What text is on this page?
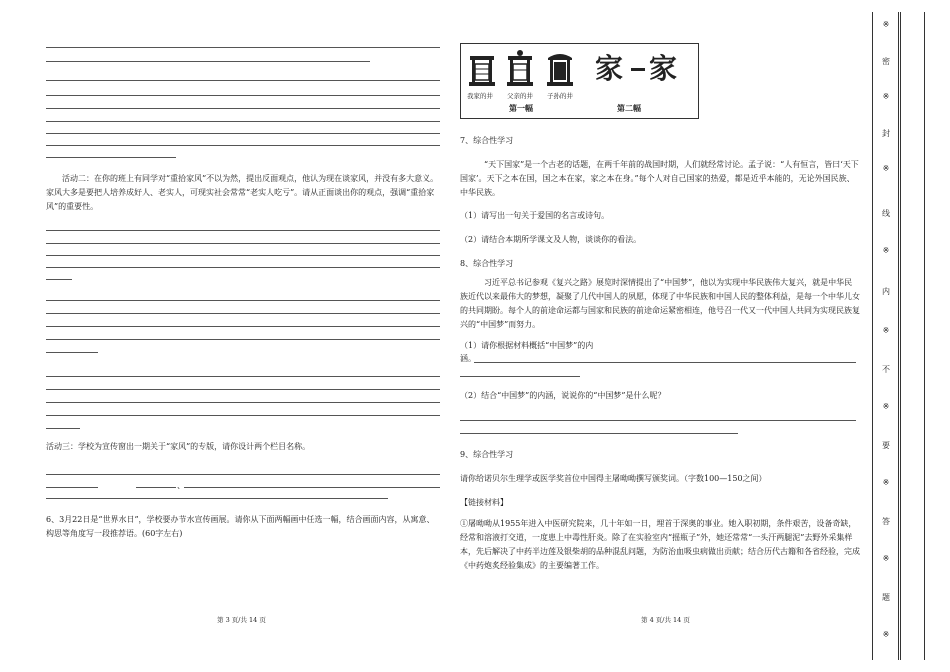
活动二：在你的班上有同学对“重拾家风”不以为然，提出反面观点，他认为现在谈家风，并没有多大意义。家风大多是要把人培养成好人、老实人，可现实社会常常“老实人吃亏”。请从正面谈出你的观点，强调“重拾家风”的重要性。
活动三：学校为宣传窗出一期关于“家风”的专版，请你设计两个栏目名称。
、
6、3月22日是“世界水日”，学校要办节水宣传画展。请你从下面两幅画中任选一幅，结合画面内容，从寓意、构思等角度写一段推荐语。(60字左右)
第 3 页/共 14 页
我家的井 父亲的井 子孙的井
家 家
第一幅	第二幅
7、综合性学习
“天下国家”是一个古老的话题，在两千年前的战国时期，人们就经常讨论。孟子说：“人有恒言，皆曰‘天下国家’。天下之本在国，国之本在家，家之本在身。”每个人对自己国家的热爱，都是近乎本能的，无论外国民族、中华民族。
（1）请写出一句关于爱国的名言或诗句。
（2）请结合本期所学课文及人物，谈谈你的看法。
8、综合性学习
习近平总书记参观《复兴之路》展览时深情提出了“中国梦”，他以为实现中华民族伟大复兴，就是中华民族近代以来最伟大的梦想，凝聚了几代中国人的夙愿，体现了中华民族和中国人民的整体利益，是每一个中华儿女的共同期盼。每个人的前途命运都与国家和民族的前途命运紧密相连，他号召一代又一代中国人共同为实现民族复兴的“中国梦”而努力。
（1）请你根据材料概括“中国梦”的内
涵。
（2）结合“中国梦”的内涵，说说你的“中国梦”是什么呢？
9、综合性学习
请你给诺贝尔生理学或医学奖首位中国得主屠呦呦撰写颁奖词。（字数100—150之间）
【链接材料】
①屠呦呦从1955年进入中医研究院来，几十年如一日，埋首于深奥的事业。她入职初期，条件艰苦，设备奇缺，经常和溶液打交道，一度患上中毒性肝炎。除了在实验室内“摇瓶子”外，她还常常“一头汗两腿泥”去野外采集样本，先后解决了中药半边莲及银柴胡的品种混乱问题，为防治血吸虫病做出贡献；结合历代古籍和各省经验，完成《中药炮炙经验集成》的主要编著工作。
第 4 页/共 14 页
※
密
※
封
※
线
※
内
※
不
※
要
※
答
※
题
※
